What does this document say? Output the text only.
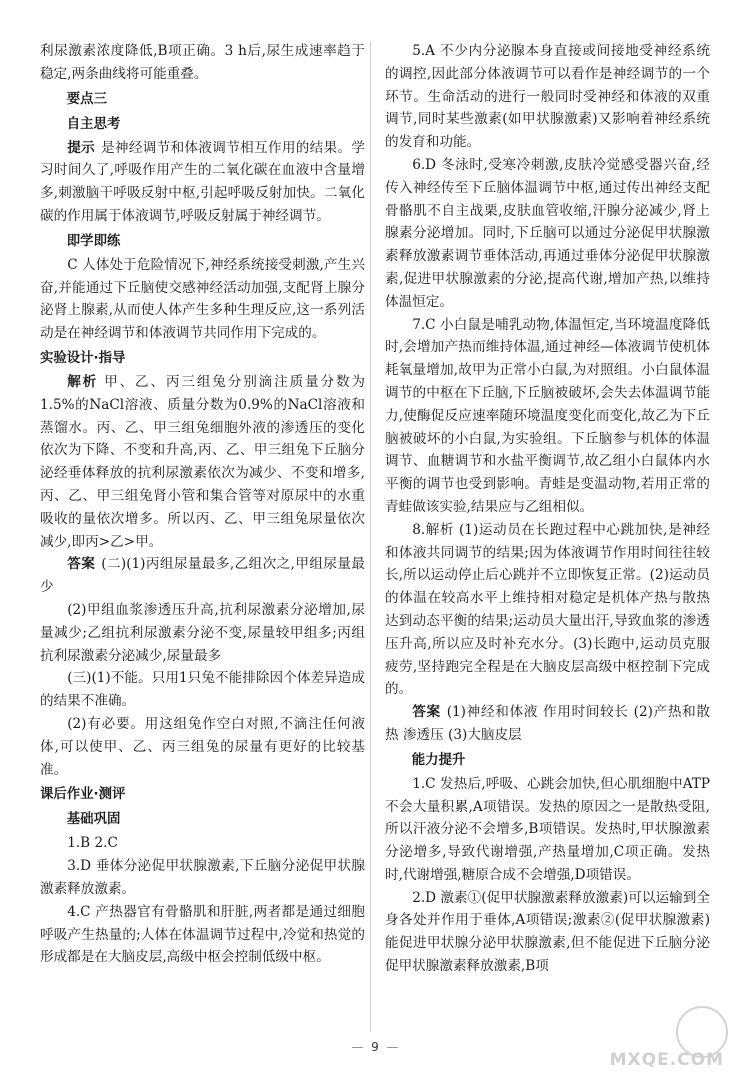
利尿激素浓度降低,B项正确。3 h后,尿生成速率趋于稳定,两条曲线将可能重叠。

要点三
自主思考

提示 是神经调节和体液调节相互作用的结果。学习时间久了,呼吸作用产生的二氧化碳在血液中含量增多,刺激脑干呼吸反射中枢,引起呼吸反射加快。二氧化碳的作用属于体液调节,呼吸反射属于神经调节。

即学即练

C 人体处于危险情况下,神经系统接受刺激,产生兴奋,并能通过下丘脑使交感神经活动加强,支配肾上腺分泌肾上腺素,从而使人体产生多种生理反应,这一系列活动是在神经调节和体液调节共同作用下完成的。

实验设计·指导

解析 甲、乙、丙三组兔分别滴注质量分数为1.5%的NaCl溶液、质量分数为0.9%的NaCl溶液和蒸馏水。丙、乙、甲三组兔细胞外液的渗透压的变化依次为下降、不变和升高,丙、乙、甲三组兔下丘脑分泌经垂体释放的抗利尿激素依次为减少、不变和增多,丙、乙、甲三组兔肾小管和集合管等对原尿中的水重吸收的量依次增多。所以丙、乙、甲三组兔尿量依次减少,即丙>乙>甲。

答案 (二)(1)丙组尿量最多,乙组次之,甲组尿量最少

(2)甲组血浆渗透压升高,抗利尿激素分泌增加,尿量减少;乙组抗利尿激素分泌不变,尿量较甲组多;丙组抗利尿激素分泌减少,尿量最多

(三)(1)不能。只用1只兔不能排除因个体差异造成的结果不准确。

(2)有必要。用这组兔作空白对照,不滴注任何液体,可以使甲、乙、丙三组兔的尿量有更好的比较基准。

课后作业·测评
基础巩固

1.B 2.C

3.D 垂体分泌促甲状腺激素,下丘脑分泌促甲状腺激素释放激素。

4.C 产热器官有骨骼肌和肝脏,两者都是通过细胞呼吸产生热量的;人体在体温调节过程中,冷觉和热觉的形成都是在大脑皮层,高级中枢会控制低级中枢。

5.A 不少内分泌腺本身直接或间接地受神经系统的调控,因此部分体液调节可以看作是神经调节的一个环节。生命活动的进行一般同时受神经和体液的双重调节,同时某些激素(如甲状腺激素)又影响着神经系统的发育和功能。

6.D 冬泳时,受寒冷刺激,皮肤冷觉感受器兴奋,经传入神经传至下丘脑体温调节中枢,通过传出神经支配骨骼肌不自主战栗,皮肤血管收缩,汗腺分泌减少,肾上腺素分泌增加。同时,下丘脑可以通过分泌促甲状腺激素释放激素调节垂体活动,再通过垂体分泌促甲状腺激素,促进甲状腺激素的分泌,提高代谢,增加产热,以维持体温恒定。

7.C 小白鼠是哺乳动物,体温恒定,当环境温度降低时,会增加产热而维持体温,通过神经—体液调节使机体耗氧量增加,故甲为正常小白鼠,为对照组。小白鼠体温调节的中枢在下丘脑,下丘脑被破坏,会失去体温调节能力,使酶促反应速率随环境温度变化而变化,故乙为下丘脑被破坏的小白鼠,为实验组。下丘脑参与机体的体温调节、血糖调节和水盐平衡调节,故乙组小白鼠体内水平衡的调节也受到影响。青蛙是变温动物,若用正常的青蛙做该实验,结果应与乙组相似。

8.解析 (1)运动员在长跑过程中心跳加快,是神经和体液共同调节的结果;因为体液调节作用时间往往较长,所以运动停止后心跳并不立即恢复正常。(2)运动员的体温在较高水平上维持相对稳定是机体产热与散热达到动态平衡的结果;运动员大量出汗,导致血浆的渗透压升高,所以应及时补充水分。(3)长跑中,运动员克服疲劳,坚持跑完全程是在大脑皮层高级中枢控制下完成的。

答案 (1)神经和体液 作用时间较长 (2)产热和散热 渗透压 (3)大脑皮层

能力提升

1.C 发热后,呼吸、心跳会加快,但心肌细胞中ATP不会大量积累,A项错误。发热的原因之一是散热受阻,所以汗液分泌不会增多,B项错误。发热时,甲状腺激素分泌增多,导致代谢增强,产热量增加,C项正确。发热时,代谢增强,糖原合成不会增强,D项错误。

2.D 激素①(促甲状腺激素释放激素)可以运输到全身各处并作用于垂体,A项错误;激素②(促甲状腺激素)能促进甲状腺分泌甲状腺激素,但不能促进下丘脑分泌促甲状腺激素释放激素,B项

— 9 —
MXQE.COM
